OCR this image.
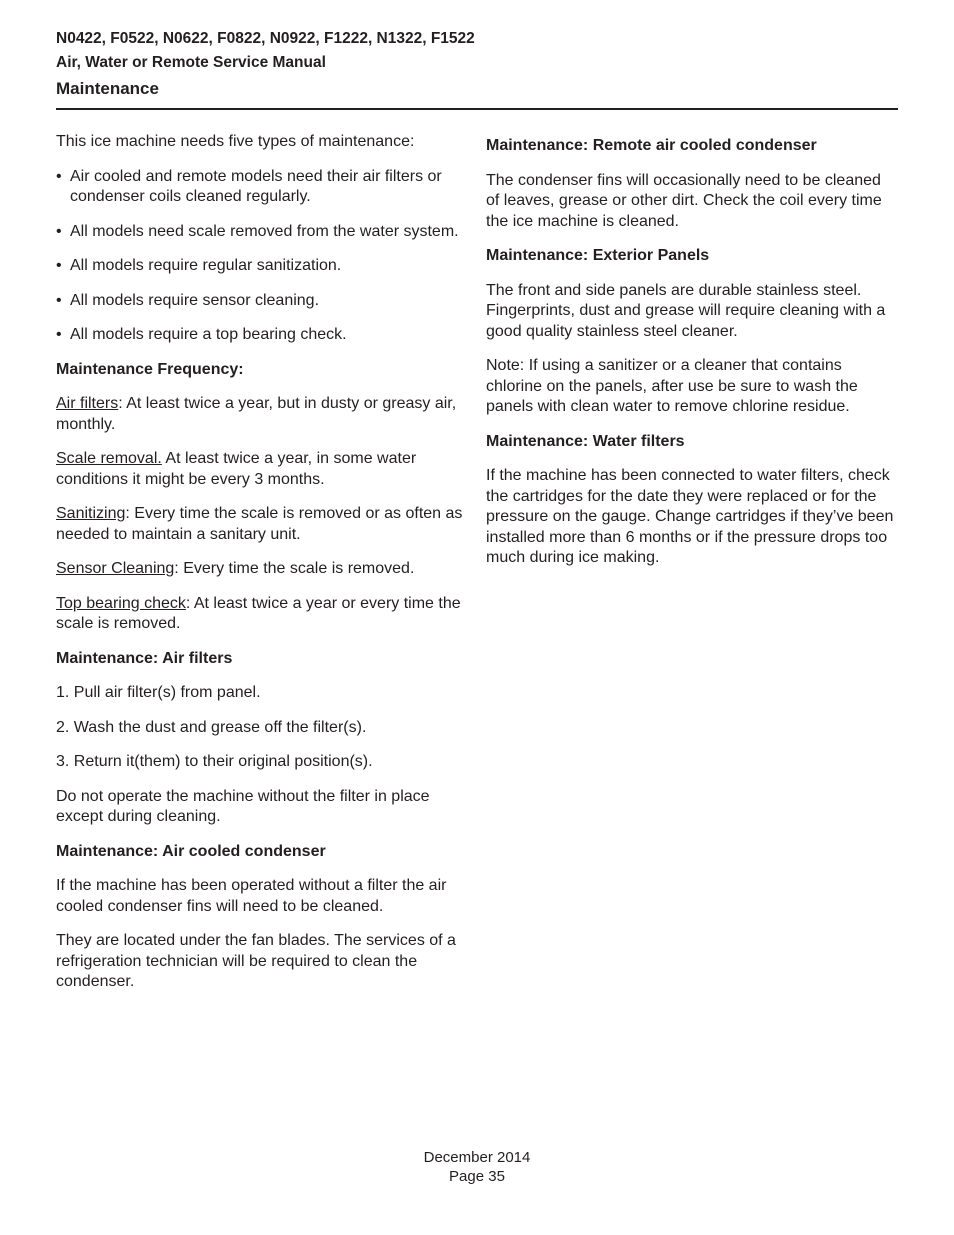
N0422, F0522, N0622, F0822, N0922, F1222, N1322, F1522
Air, Water or Remote Service Manual
Maintenance

This ice machine needs five types of maintenance:

• Air cooled and remote models need their air filters or condenser coils cleaned regularly.
• All models need scale removed from the water system.
• All models require regular sanitization.
• All models require sensor cleaning.
• All models require a top bearing check.

Maintenance Frequency:

Air filters: At least twice a year, but in dusty or greasy air, monthly.

Scale removal. At least twice a year, in some water conditions it might be every 3 months.

Sanitizing: Every time the scale is removed or as often as needed to maintain a sanitary unit.

Sensor Cleaning: Every time the scale is removed.

Top bearing check: At least twice a year or every time the scale is removed.

Maintenance: Air filters

1. Pull air filter(s) from panel.

2. Wash the dust and grease off the filter(s).

3. Return it(them) to their original position(s).

Do not operate the machine without the filter in place except during cleaning.

Maintenance: Air cooled condenser

If the machine has been operated without a filter the air cooled condenser fins will need to be cleaned.

They are located under the fan blades. The services of a refrigeration technician will be required to clean the condenser.

Maintenance: Remote air cooled condenser

The condenser fins will occasionally need to be cleaned of leaves, grease or other dirt. Check the coil every time the ice machine is cleaned.

Maintenance: Exterior Panels

The front and side panels are durable stainless steel. Fingerprints, dust and grease will require cleaning with a good quality stainless steel cleaner.

Note: If using a sanitizer or a cleaner that contains chlorine on the panels, after use be sure to wash the panels with clean water to remove chlorine residue.

Maintenance: Water filters

If the machine has been connected to water filters, check the cartridges for the date they were replaced or for the pressure on the gauge. Change cartridges if they’ve been installed more than 6 months or if the pressure drops too much during ice making.

December 2014
Page 35
